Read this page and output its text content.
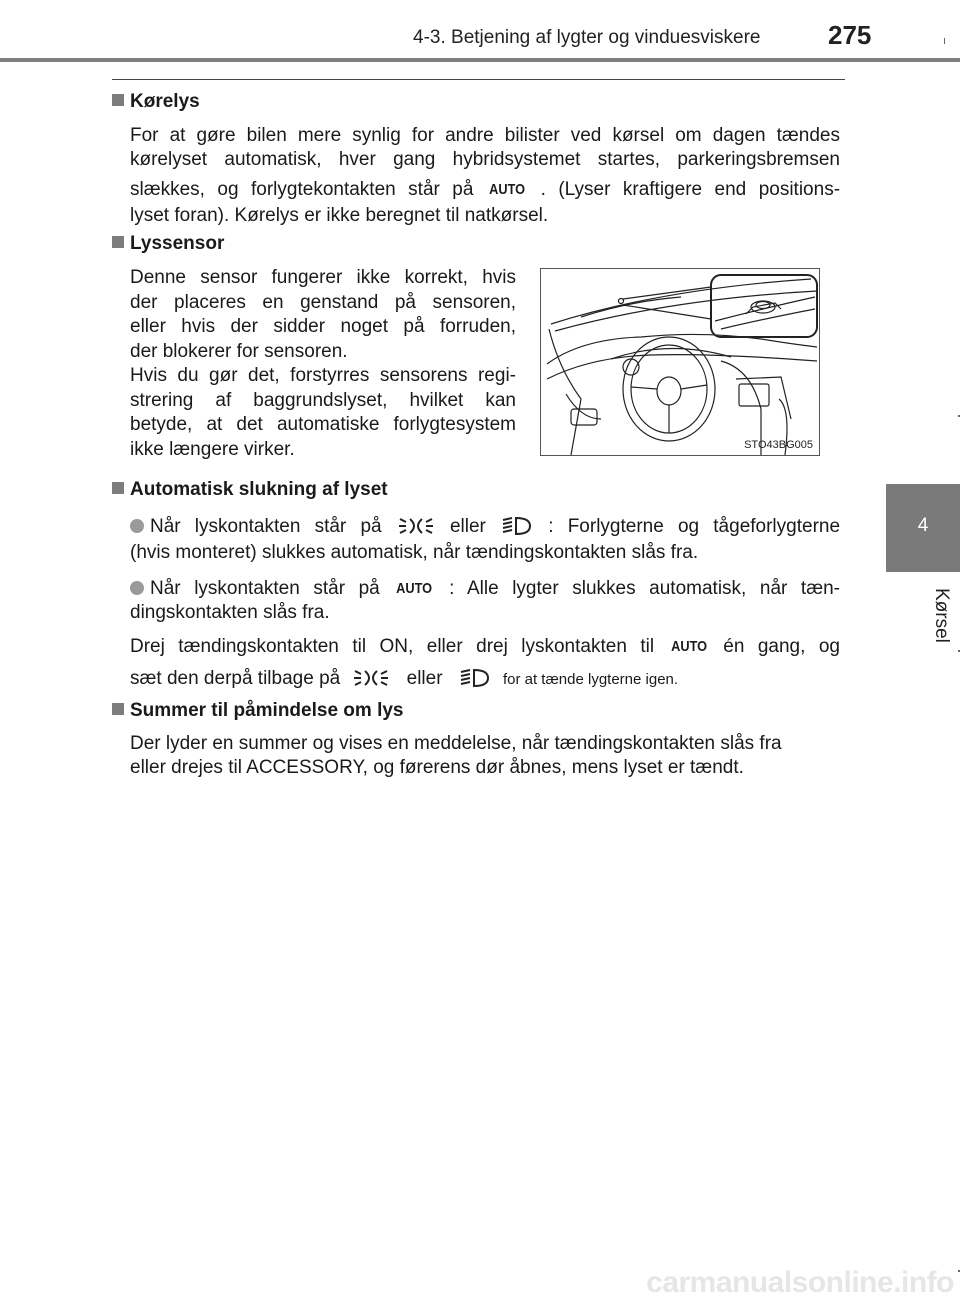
4-3. Betjening af lygter og vinduesviskere	275
4
Kørsel
Kørelys
For at gøre bilen mere synlig for andre bilister ved kørsel om dagen tændes
kørelyset automatisk, hver gang hybridsystemet startes, parkeringsbremsen
slækkes, og forlygtekontakten står på AUTO . (Lyser kraftigere end positions-
lyset foran). Kørelys er ikke beregnet til natkørsel.
Lyssensor
Denne sensor fungerer ikke korrekt, hvis
der placeres en genstand på sensoren,
eller hvis der sidder noget på forruden,
der blokerer for sensoren.
Hvis du gør det, forstyrres sensorens regi-
strering af baggrundslyset, hvilket kan
betyde, at det automatiske forlygtesystem
ikke længere virker.	STO43BG005
Automatisk slukning af lyset
Når lyskontakten står på	eller	: Forlygterne og tågeforlygterne
(hvis monteret) slukkes automatisk, når tændingskontakten slås fra.
Når lyskontakten står på AUTO : Alle lygter slukkes automatisk, når tæn-
dingskontakten slås fra.
Drej tændingskontakten til ON, eller drej lyskontakten til AUTO én gang, og
sæt den derpå tilbage på	eller	for at tænde lygterne igen.
Summer til påmindelse om lys
Der lyder en summer og vises en meddelelse, når tændingskontakten slås fra
eller drejes til ACCESSORY, og førerens dør åbnes, mens lyset er tændt.
carmanualsonline.info
